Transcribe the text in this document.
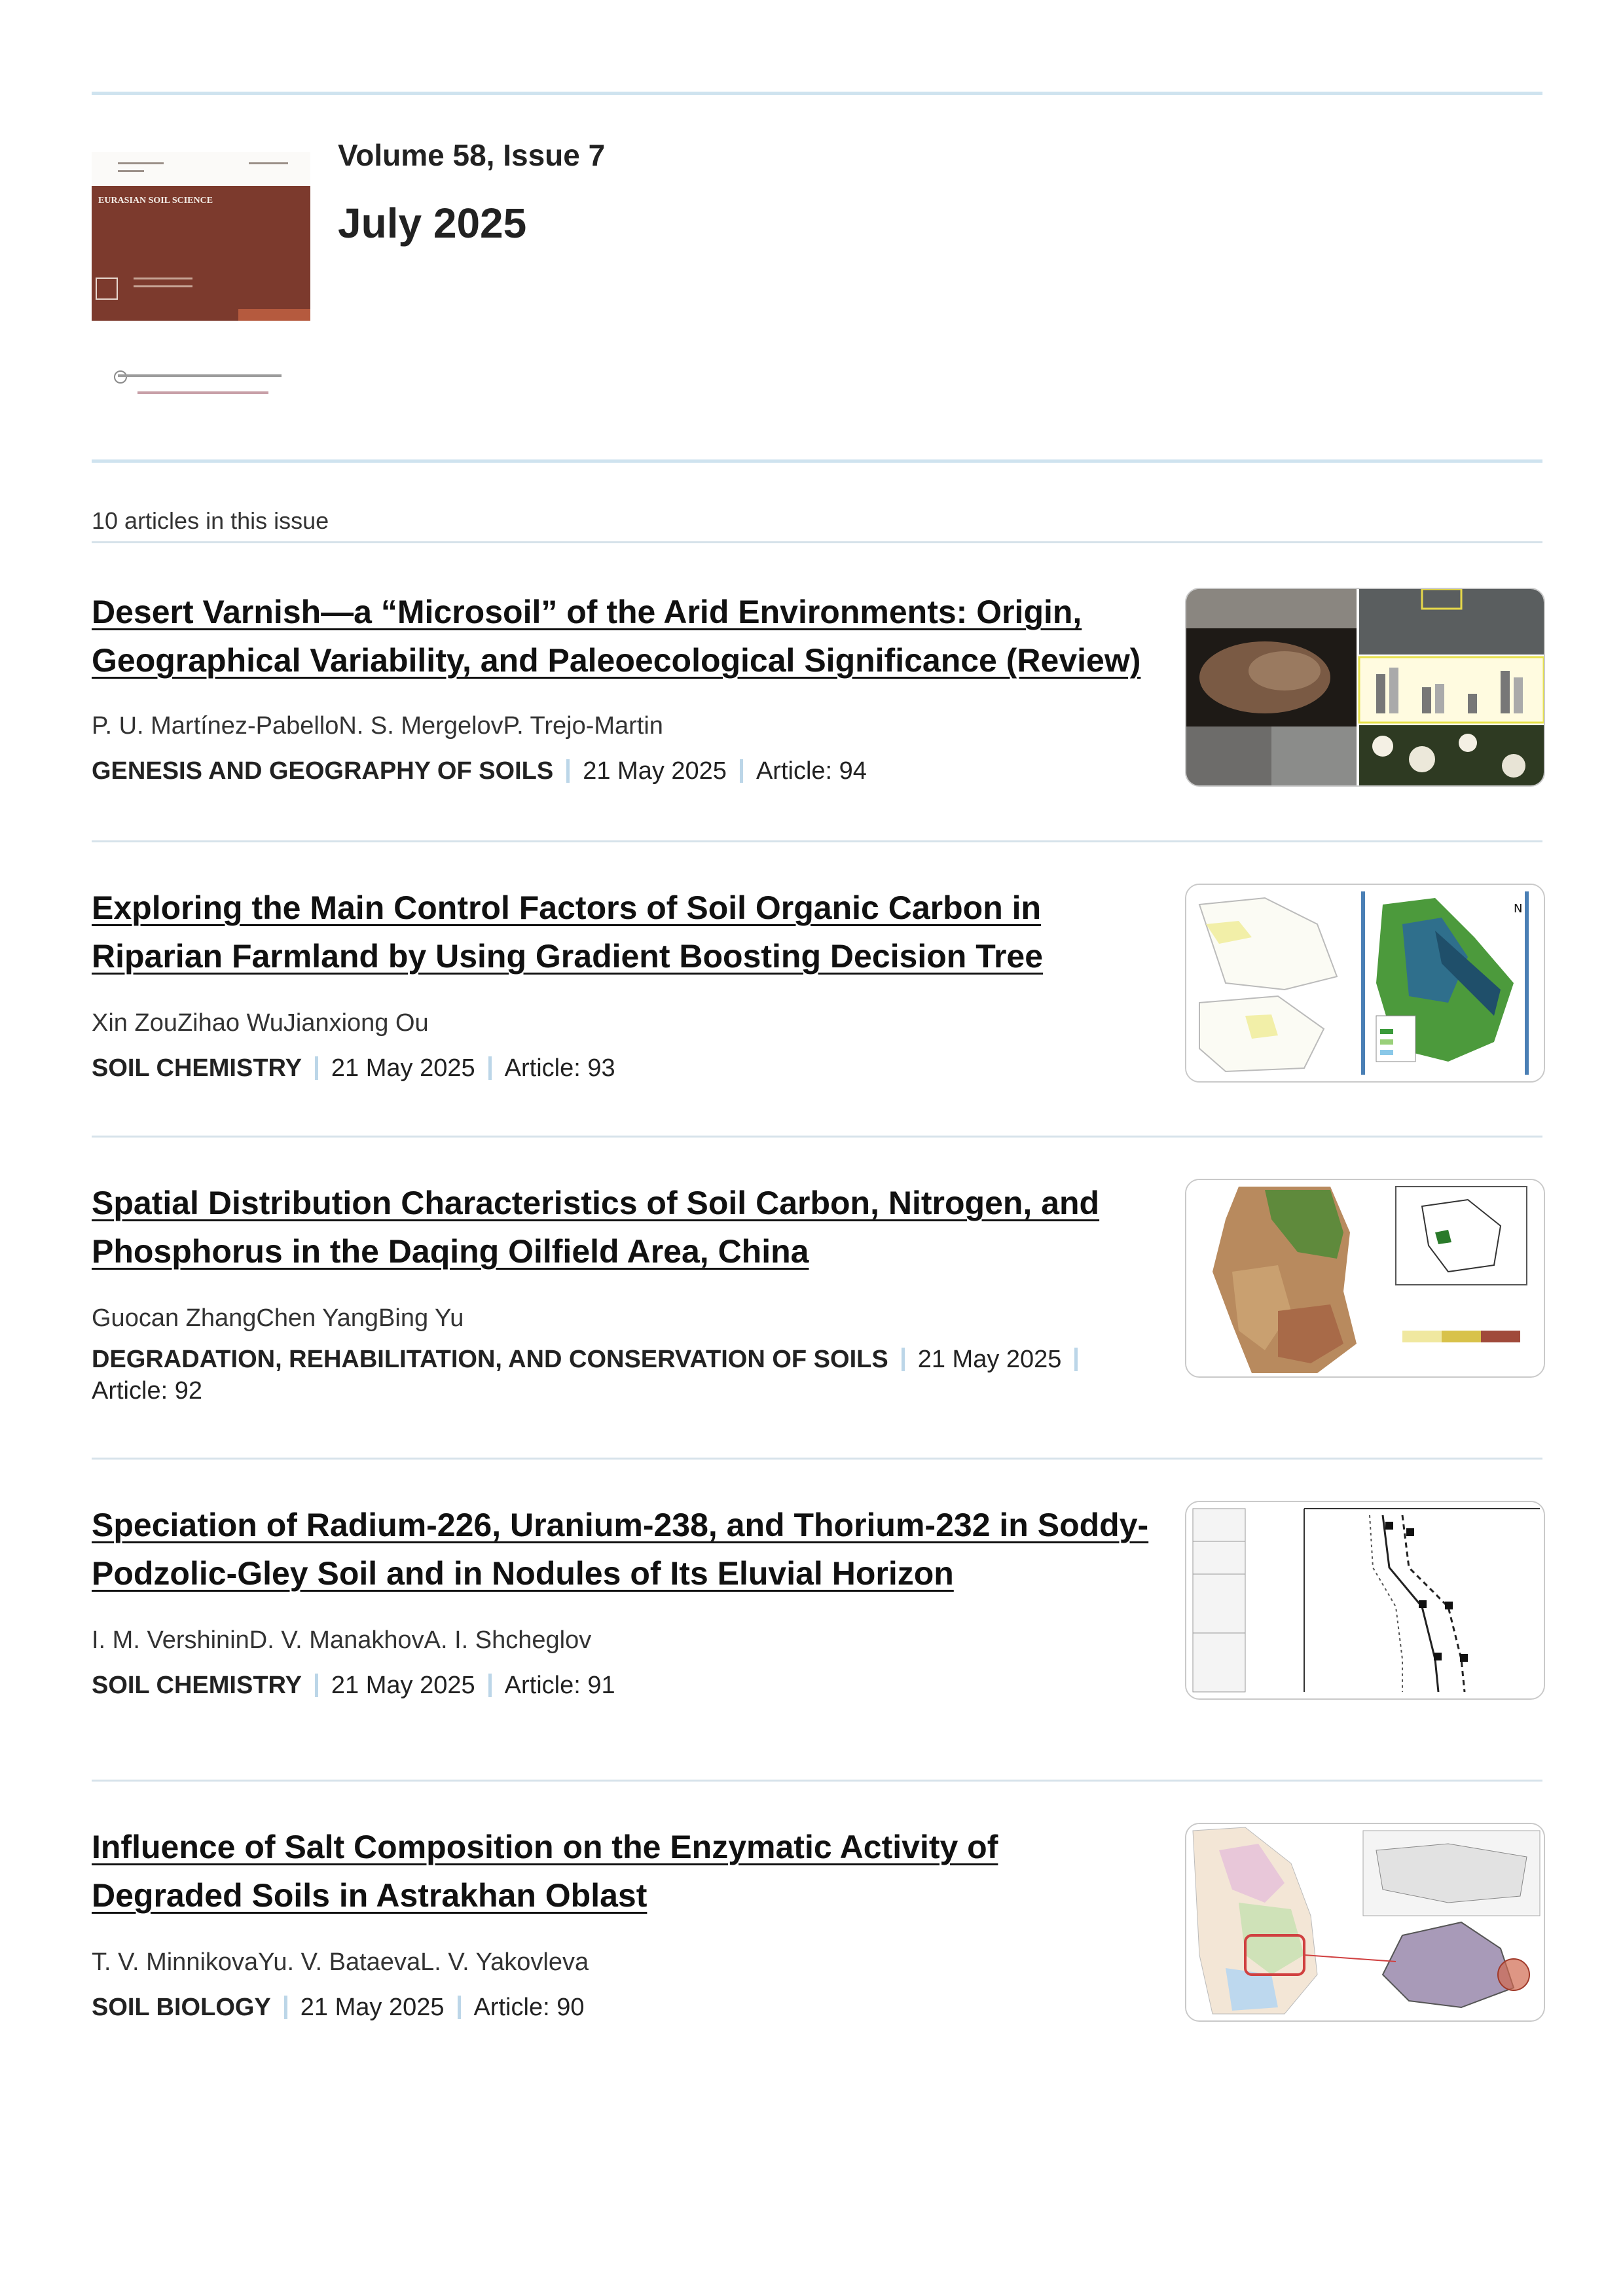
EURASIAN SOIL SCIENCE
Volume 58, Issue 7
July 2025
10 articles in this issue
Desert Varnish—a “Microsoil” of the Arid Environments: Origin, Geographical Variability, and Paleoecological Significance (Review)
P. U. Martínez-PabelloN. S. MergelovP. Trejo-Martin
GENESIS AND GEOGRAPHY OF SOILS 21 May 2025 Article: 94
Exploring the Main Control Factors of Soil Organic Carbon in Riparian Farmland by Using Gradient Boosting Decision Tree
Xin ZouZihao WuJianxiong Ou
SOIL CHEMISTRY 21 May 2025 Article: 93
N
Spatial Distribution Characteristics of Soil Carbon, Nitrogen, and Phosphorus in the Daqing Oilfield Area, China
Guocan ZhangChen YangBing Yu
DEGRADATION, REHABILITATION, AND CONSERVATION OF SOILS 21 May 2025
Article: 92
Speciation of Radium-226, Uranium-238, and Thorium-232 in Soddy-Podzolic-Gley Soil and in Nodules of Its Eluvial Horizon
I. M. VershininD. V. ManakhovA. I. Shcheglov
SOIL CHEMISTRY 21 May 2025 Article: 91
Influence of Salt Composition on the Enzymatic Activity of Degraded Soils in Astrakhan Oblast
T. V. MinnikovaYu. V. BataevaL. V. Yakovleva
SOIL BIOLOGY 21 May 2025 Article: 90
